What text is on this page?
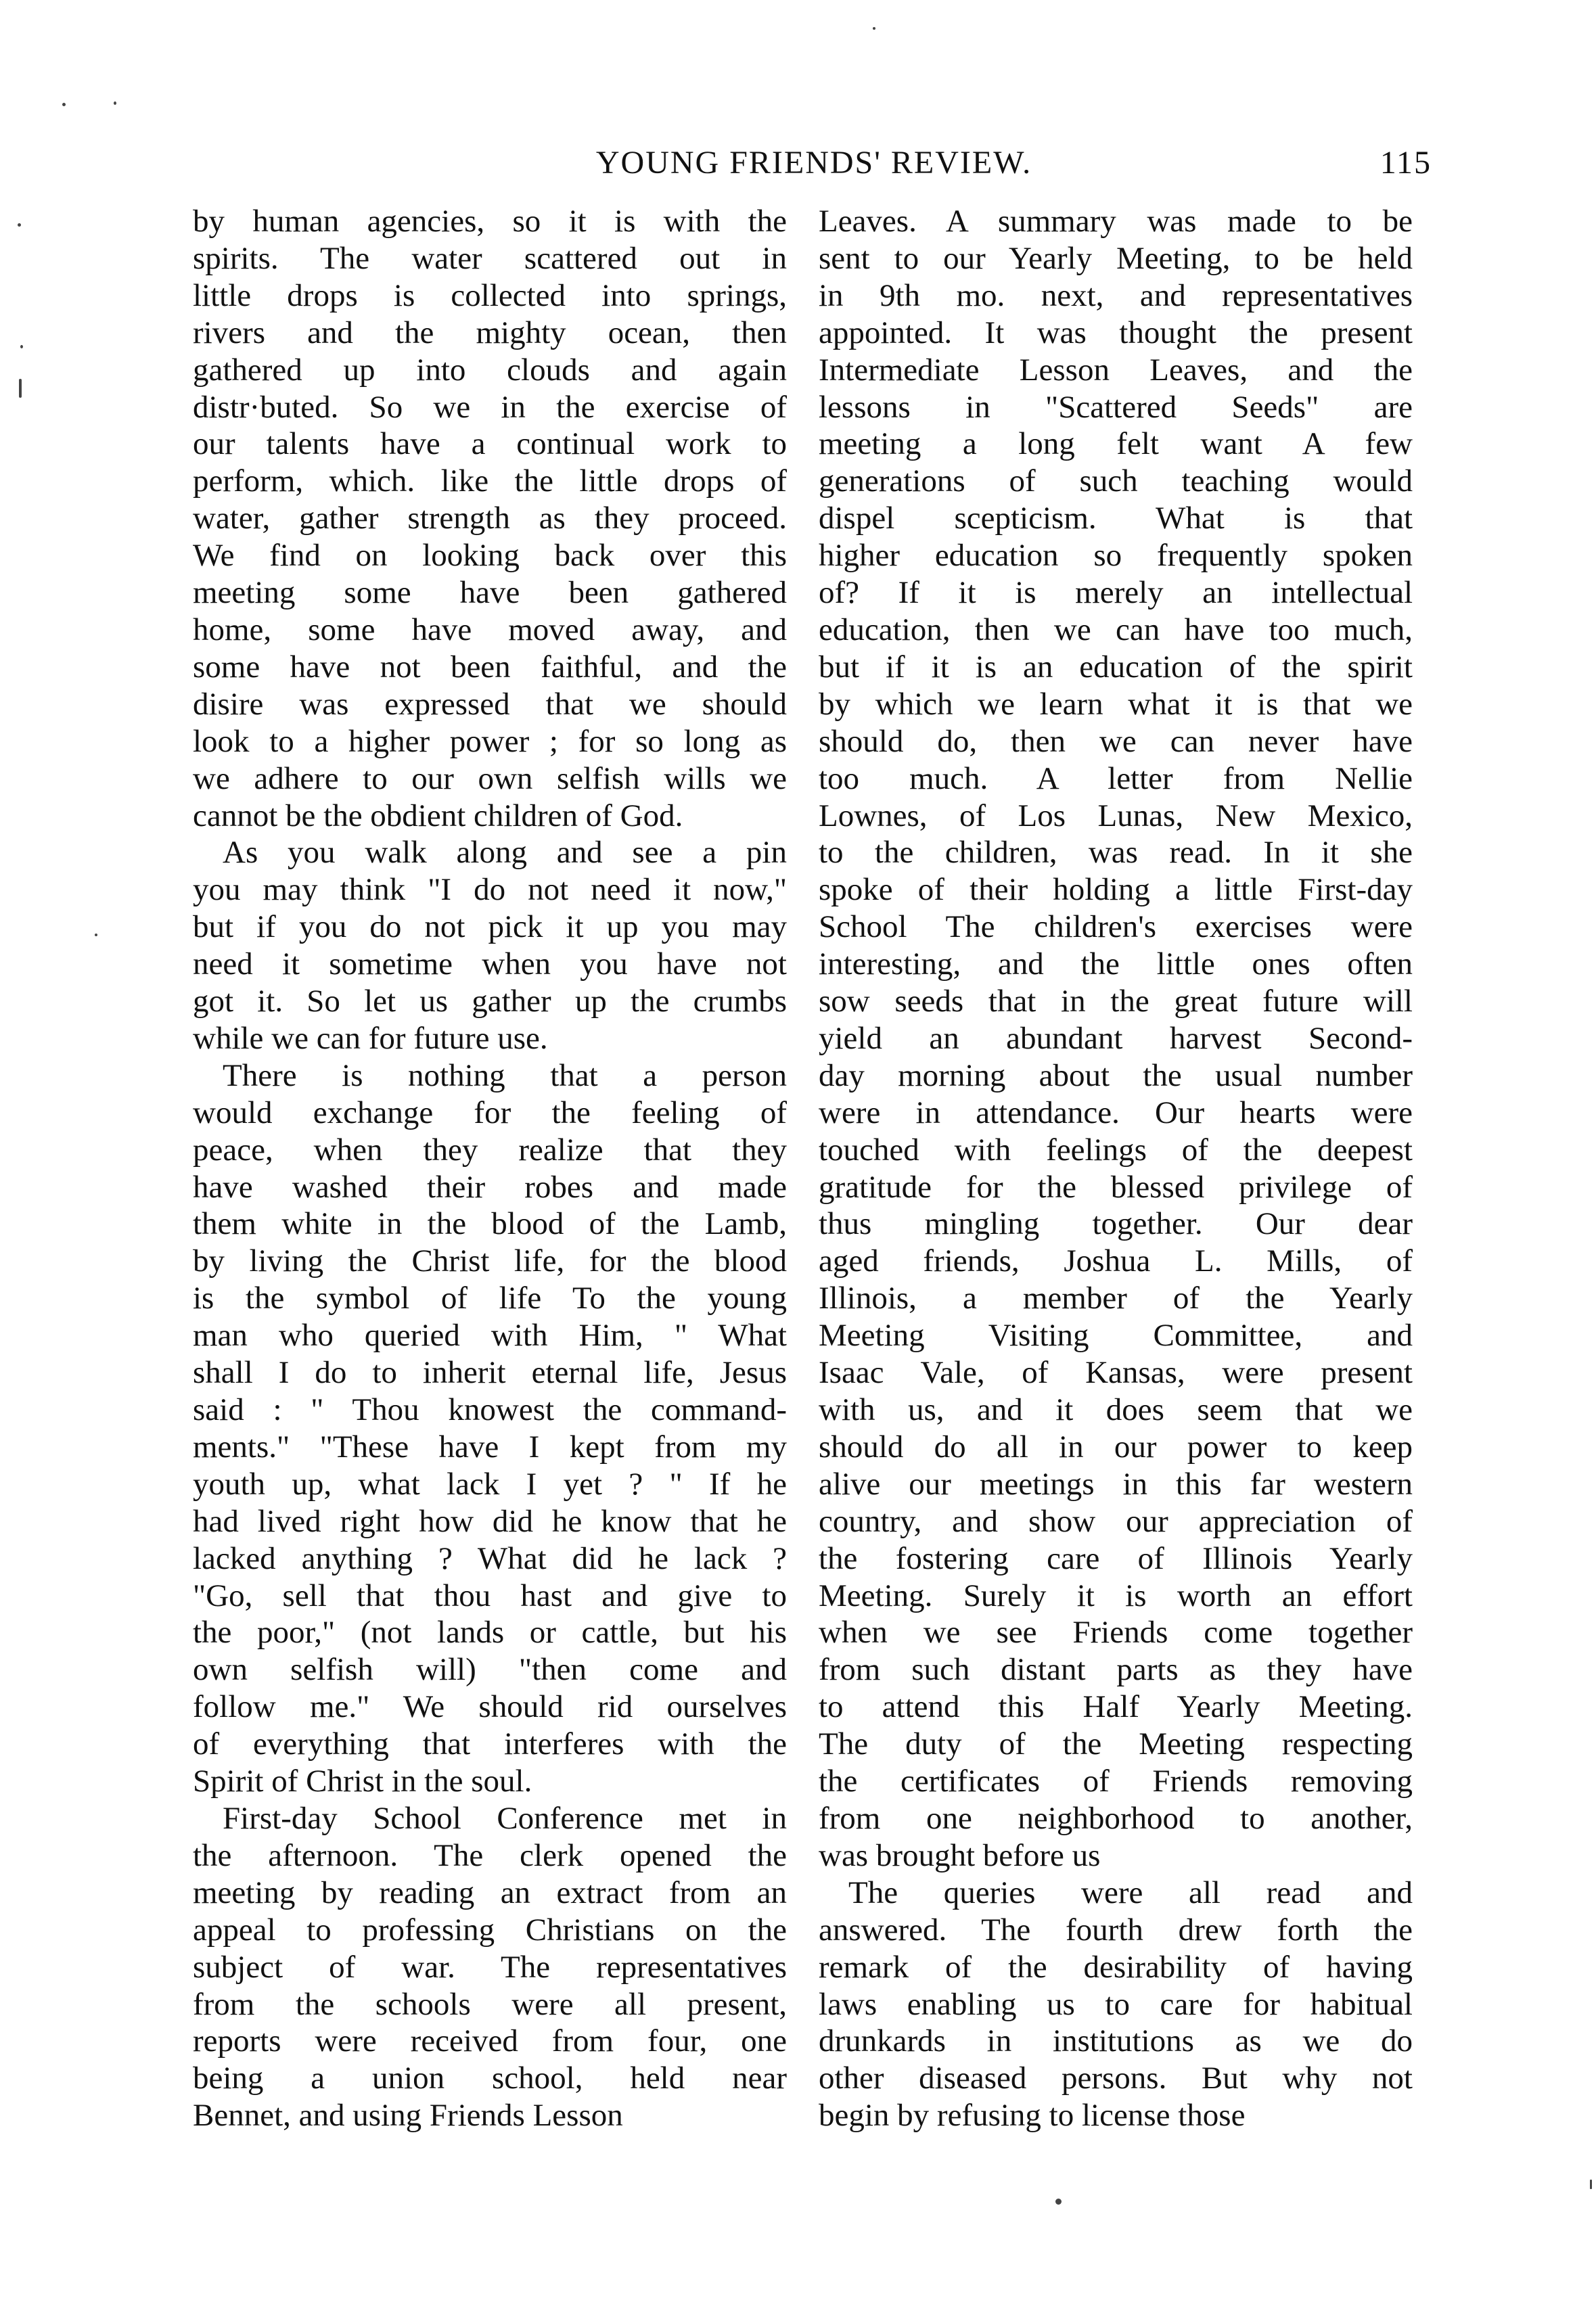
YOUNG FRIENDS' REVIEW.	115
by human agencies, so it is with the
spirits. The water scattered out in
little drops is collected into springs,
rivers and the mighty ocean, then
gathered up into clouds and again
distr·buted. So we in the exercise of
our talents have a continual work to
perform, which. like the little drops of
water, gather strength as they proceed.
We find on looking back over this
meeting some have been gathered
home, some have moved away, and
some have not been faithful, and the
disire was expressed that we should
look to a higher power ; for so long as
we adhere to our own selfish wills we
cannot be the obdient children of God.
As you walk along and see a pin
you may think "I do not need it now,"
but if you do not pick it up you may
need it sometime when you have not
got it. So let us gather up the crumbs
while we can for future use.
There is nothing that a person
would exchange for the feeling of
peace, when they realize that they
have washed their robes and made
them white in the blood of the Lamb,
by living the Christ life, for the blood
is the symbol of life To the young
man who queried with Him, " What
shall I do to inherit eternal life, Jesus
said : " Thou knowest the command-
ments." "These have I kept from my
youth up, what lack I yet ? " If he
had lived right how did he know that he
lacked anything ? What did he lack ?
"Go, sell that thou hast and give to
the poor," (not lands or cattle, but his
own selfish will) "then come and
follow me." We should rid ourselves
of everything that interferes with the
Spirit of Christ in the soul.
First-day School Conference met in
the afternoon. The clerk opened the
meeting by reading an extract from an
appeal to professing Christians on the
subject of war. The representatives
from the schools were all present,
reports were received from four, one
being a union school, held near
Bennet, and using Friends Lesson
Leaves. A summary was made to be
sent to our Yearly Meeting, to be held
in 9th mo. next, and representatives
appointed. It was thought the present
Intermediate Lesson Leaves, and the
lessons in "Scattered Seeds" are
meeting a long felt want A few
generations of such teaching would
dispel scepticism. What is that
higher education so frequently spoken
of? If it is merely an intellectual
education, then we can have too much,
but if it is an education of the spirit
by which we learn what it is that we
should do, then we can never have
too much. A letter from Nellie
Lownes, of Los Lunas, New Mexico,
to the children, was read. In it she
spoke of their holding a little First-day
School The children's exercises were
interesting, and the little ones often
sow seeds that in the great future will
yield an abundant harvest Second-
day morning about the usual number
were in attendance. Our hearts were
touched with feelings of the deepest
gratitude for the blessed privilege of
thus mingling together. Our dear
aged friends, Joshua L. Mills, of
Illinois, a member of the Yearly
Meeting Visiting Committee, and
Isaac Vale, of Kansas, were present
with us, and it does seem that we
should do all in our power to keep
alive our meetings in this far western
country, and show our appreciation of
the fostering care of Illinois Yearly
Meeting. Surely it is worth an effort
when we see Friends come together
from such distant parts as they have
to attend this Half Yearly Meeting.
The duty of the Meeting respecting
the certificates of Friends removing
from one neighborhood to another,
was brought before us
The queries were all read and
answered. The fourth drew forth the
remark of the desirability of having
laws enabling us to care for habitual
drunkards in institutions as we do
other diseased persons. But why not
begin by refusing to license those
